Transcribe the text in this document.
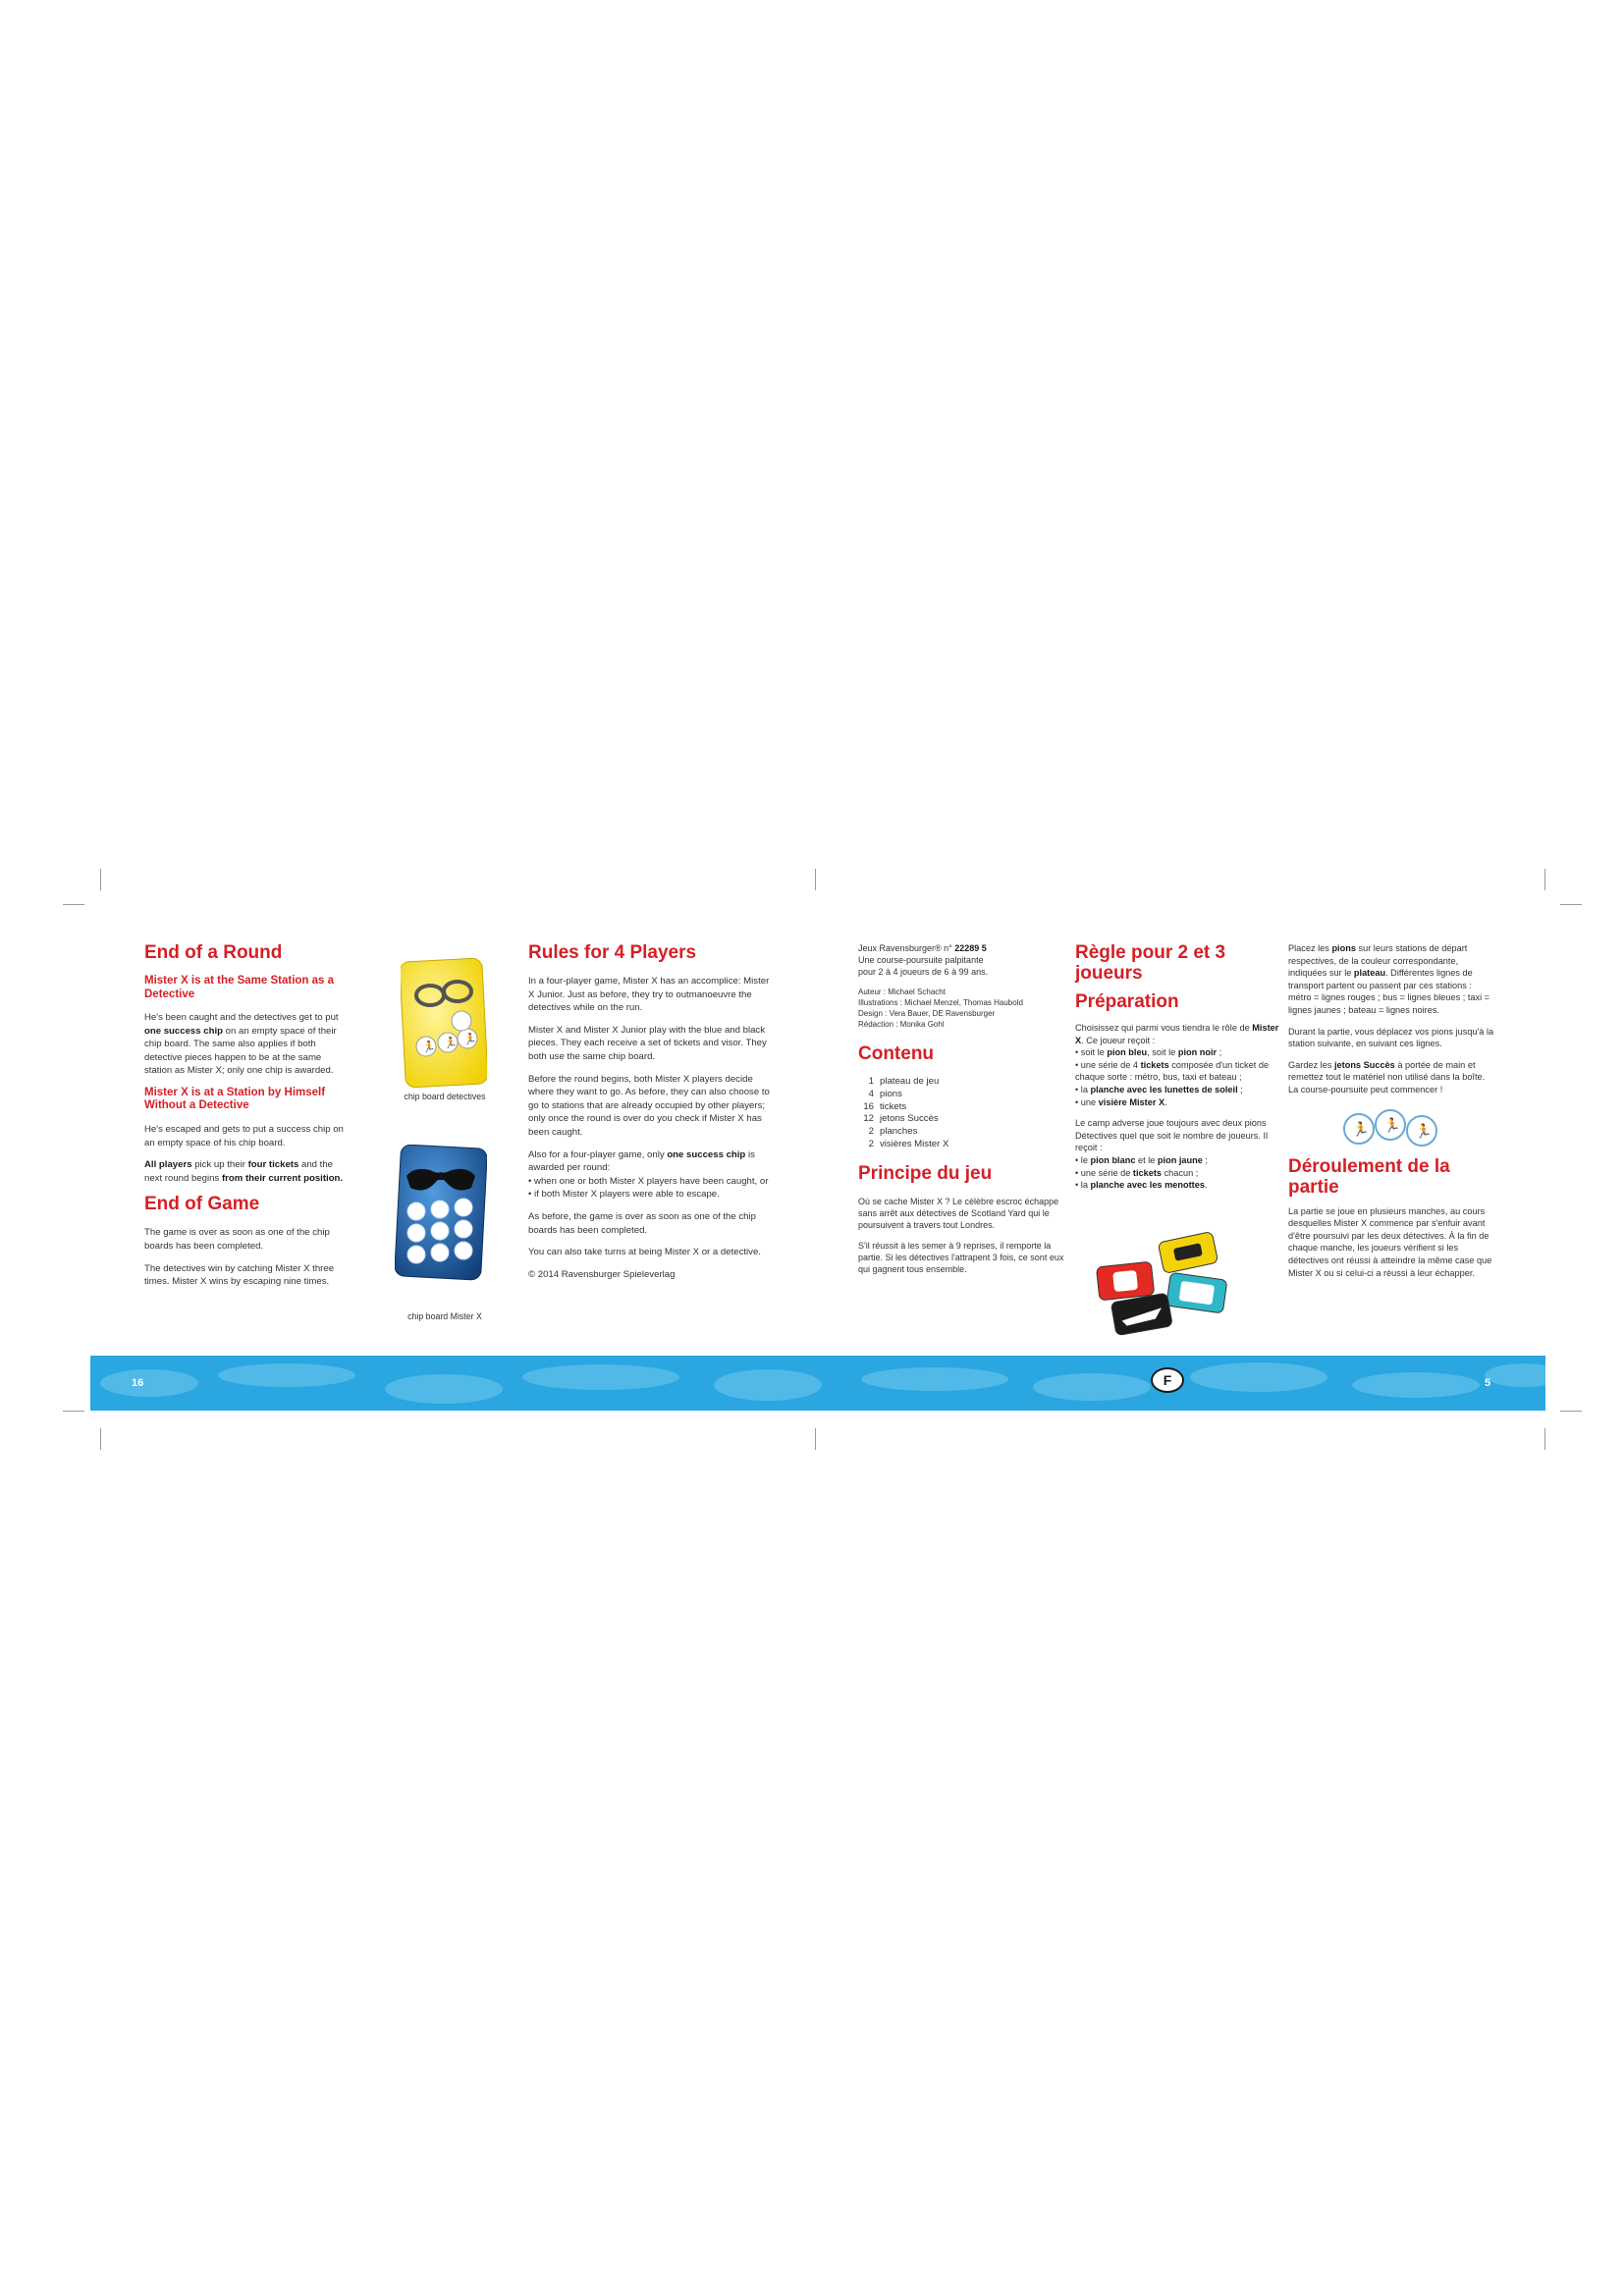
End of a Round
Mister X is at the Same Station as a Detective

He's been caught and the detectives get to put one success chip on an empty space of their chip board. The same also applies if both detective pieces happen to be at the same station as Mister X; only one chip is awarded.

Mister X is at a Station by Himself Without a Detective

He's escaped and gets to put a success chip on an empty space of his chip board.

All players pick up their four tickets and the next round begins from their current position.

End of Game

The game is over as soon as one of the chip boards has been completed.

The detectives win by catching Mister X three times. Mister X wins by escaping nine times.

🏃 🏃 🏃
chip board detectives
chip board Mister X
Rules for 4 Players

In a four-player game, Mister X has an accomplice: Mister X Junior. Just as before, they try to outmanoeuvre the detectives while on the run.

Mister X and Mister X Junior play with the blue and black pieces. They each receive a set of tickets and visor. They both use the same chip board.

Before the round begins, both Mister X players decide where they want to go. As before, they can also choose to go to stations that are already occupied by other players; only once the round is over do you check if Mister X has been caught.

Also for a four-player game, only one success chip is awarded per round:

• when one or both Mister X players have been caught, or
• if both Mister X players were able to escape.

As before, the game is over as soon as one of the chip boards has been completed.

You can also take turns at being Mister X or a detective.

© 2014 Ravensburger Spieleverlag

Jeux Ravensburger® n° 22289 5

Une course-poursuite palpitante

pour 2 à 4 joueurs de 6 à 99 ans.

Auteur : Michael Schacht
Illustrations : Michael Menzel, Thomas Haubold
Design : Vera Bauer, DE Ravensburger
Rédaction : Monika Gohl
Contenu
1	plateau de jeu
4	pions
16	tickets
12	jetons Succès
2	planches
2	visières Mister X
Principe du jeu

Où se cache Mister X ? Le célèbre escroc échappe sans arrêt aux détectives de Scotland Yard qui le poursuivent à travers tout Londres.

S'il réussit à les semer à 9 reprises, il remporte la partie. Si les détectives l'attrapent 3 fois, ce sont eux qui gagnent tous ensemble.

Règle pour 2 et 3 joueurs
Préparation

Choisissez qui parmi vous tiendra le rôle de Mister X. Ce joueur reçoit :

• soit le pion bleu, soit le pion noir ;
• une série de 4 tickets composée d'un ticket de chaque sorte : métro, bus, taxi et bateau ;
• la planche avec les lunettes de soleil ;
• une visière Mister X.

Le camp adverse joue toujours avec deux pions Détectives quel que soit le nombre de joueurs. Il reçoit :

• le pion blanc et le pion jaune ;
• une série de tickets chacun ;
• la planche avec les menottes.

Placez les pions sur leurs stations de départ respectives, de la couleur correspondante, indiquées sur le plateau. Différentes lignes de transport partent ou passent par ces stations : métro = lignes rouges ; bus = lignes bleues ; taxi = lignes jaunes ; bateau = lignes noires.

Durant la partie, vous déplacez vos pions jusqu'à la station suivante, en suivant ces lignes.

Gardez les jetons Succès à portée de main et remettez tout le matériel non utilisé dans la boîte.

La course-poursuite peut commencer !

🏃 🏃 🏃
Déroulement de la partie

La partie se joue en plusieurs manches, au cours desquelles Mister X commence par s'enfuir avant d'être poursuivi par les deux détectives. À la fin de chaque manche, les joueurs vérifient si les détectives ont réussi à atteindre la même case que Mister X ou si celui-ci a réussi à leur échapper.

16	F	5
